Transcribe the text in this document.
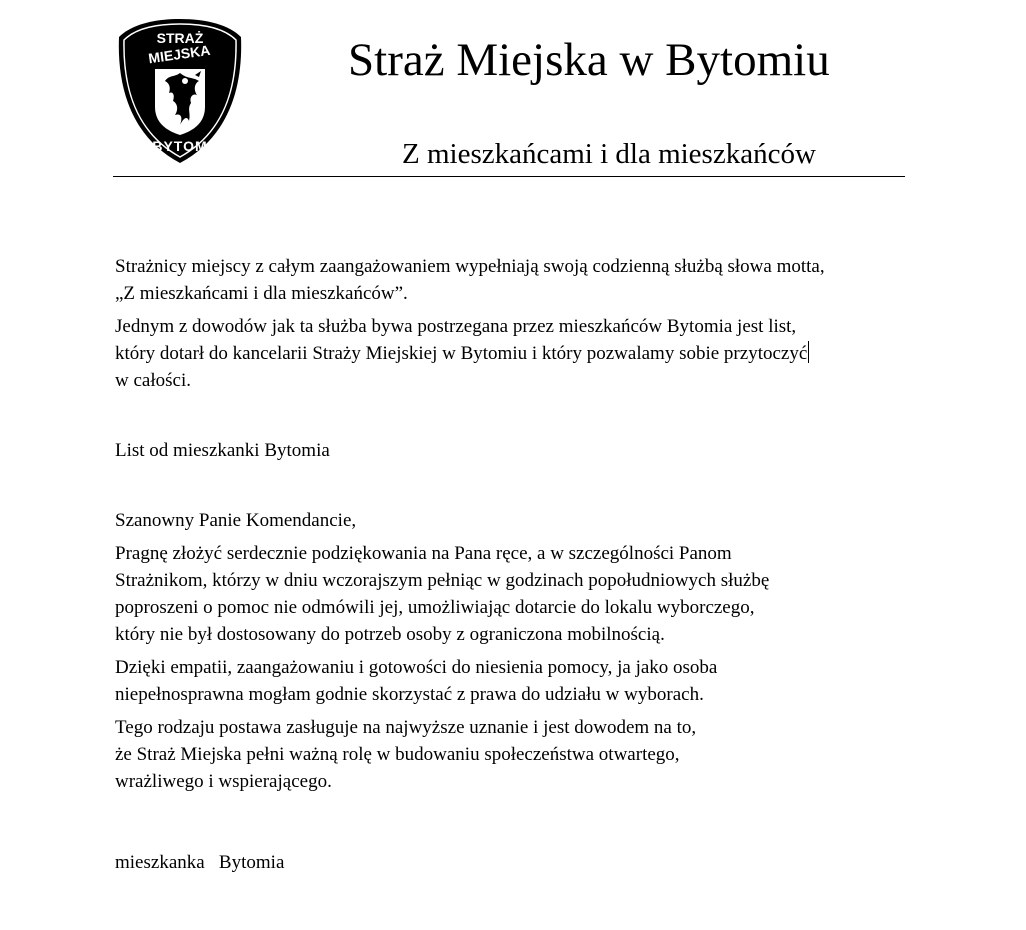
STRAŻ
MIEJSKA
BYTOM
Straż Miejska w Bytomiu
Z mieszkańcami i dla mieszkańców

Strażnicy miejscy z całym zaangażowaniem wypełniają swoją codzienną służbą słowa motta,
„Z mieszkańcami i dla mieszkańców”.

Jednym z dowodów jak ta służba bywa postrzegana przez mieszkańców Bytomia jest list,
który dotarł do kancelarii Straży Miejskiej w Bytomiu i który pozwalamy sobie przytoczyć
w całości.

List od mieszkanki Bytomia

Szanowny Panie Komendancie,

Pragnę złożyć serdecznie podziękowania na Pana ręce, a w szczególności Panom
Strażnikom, którzy w dniu wczorajszym pełniąc w godzinach popołudniowych służbę
poproszeni o pomoc nie odmówili jej, umożliwiając dotarcie do lokalu wyborczego,
który nie był dostosowany do potrzeb osoby z ograniczona mobilnością.

Dzięki empatii, zaangażowaniu i gotowości do niesienia pomocy, ja jako osoba
niepełnosprawna mogłam godnie skorzystać z prawa do udziału w wyborach.

Tego rodzaju postawa zasługuje na najwyższe uznanie i jest dowodem na to,
że Straż Miejska pełni ważną rolę w budowaniu społeczeństwa otwartego,
wrażliwego i wspierającego.

mieszkanka   Bytomia
